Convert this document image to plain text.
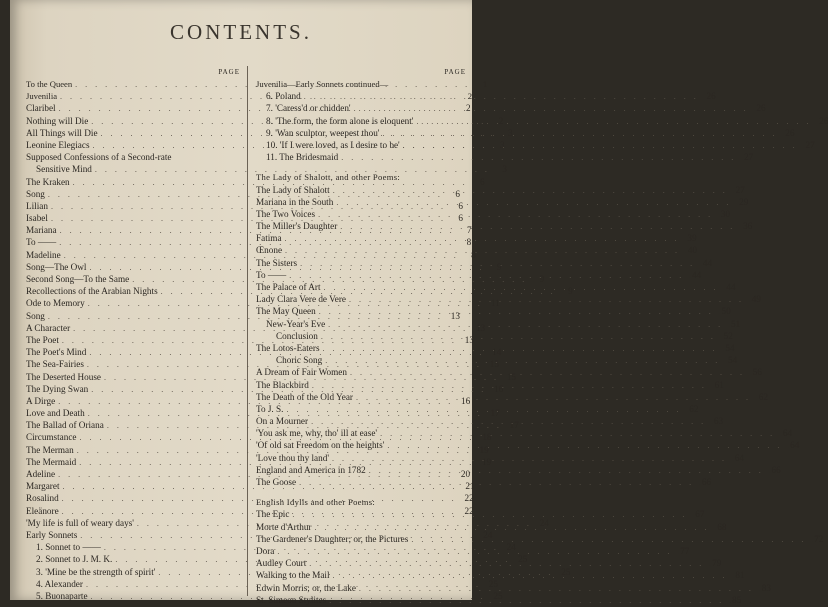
CONTENTS.
PAGE
To the Queen . . .	1
Juvenilia . . .	2
Claribel . . .	2
Nothing will Die . . .	2
All Things will Die . . .	3
Leonine Elegiacs . . .	3
Supposed Confessions of a Second-rate
Sensitive Mind . . .	3
The Kraken . . .	6
Song . . .	6
Lilian . . .	6
Isabel . . .	6
Mariana . . .	7
To —— . . .	8
Madeline . . .	8
Song—The Owl . . .	9
Second Song—To the Same . . .	9
Recollections of the Arabian Nights . . .	9
Ode to Memory . . .	11
Song . . .	13
A Character . . .	13
The Poet . . .	13
The Poet's Mind . . .	14
The Sea-Fairies . . .	15
The Deserted House . . .	15
The Dying Swan . . .	16
A Dirge . . .	16
Love and Death . . .	17
The Ballad of Oriana . . .	17
Circumstance . . .	18
The Merman . . .	19
The Mermaid . . .	19
Adeline . . .	20
Margaret . . .	21
Rosalind . . .	22
Eleänore . . .	22
'My life is full of weary days' . . .	24
Early Sonnets . . .	24
1. Sonnet to —— . . .	24
2. Sonnet to J. M. K. . . .	25
3. 'Mine be the strength of spirit' . . .	25
4. Alexander . . .	25
5. Buonaparte . . .	25
PAGE
Juvenilia—Early Sonnets continued—
6. Poland . . .	26
7. 'Caress'd or chidden' . . .	26
8. 'The form, the form alone is eloquent' . . .	26
9. 'Wan sculptor, weepest thou' . . .	26
10. 'If I were loved, as I desire to be' . . .	27
11. The Bridesmaid . . .	27
The Lady of Shalott, and other Poems:
The Lady of Shalott . . .	27
Mariana in the South . . .	29
The Two Voices . . .	30
The Miller's Daughter . . .	36
Fatima . . .	39
Œnone . . .	40
The Sisters . . .	44
To —— . . .	44
The Palace of Art . . .	44
Lady Clara Vere de Vere . . .	49
The May Queen . . .	50
New-Year's Eve . . .	51
Conclusion . . .	52
The Lotos-Eaters . . .	54
Choric Song . . .	54
A Dream of Fair Women . . .	56
The Blackbird . . .	61
The Death of the Old Year . . .	62
To J. S. . . .	62
On a Mourner . . .	63
'You ask me, why, tho' ill at ease' . . .	64
'Of old sat Freedom on the heights' . . .	64
'Love thou thy land' . . .	64
England and America in 1782 . . .	66
The Goose . . .	66
English Idylls and other Poems:
The Epic . . .	67
Morte d'Arthur . . .	68
The Gardener's Daughter; or, the Pictures . . .	72
Dora . . .	77
Audley Court . . .	79
Walking to the Mail . . .	81
Edwin Morris; or, the Lake . . .	83
St. Simeon Stylites . . .	85
